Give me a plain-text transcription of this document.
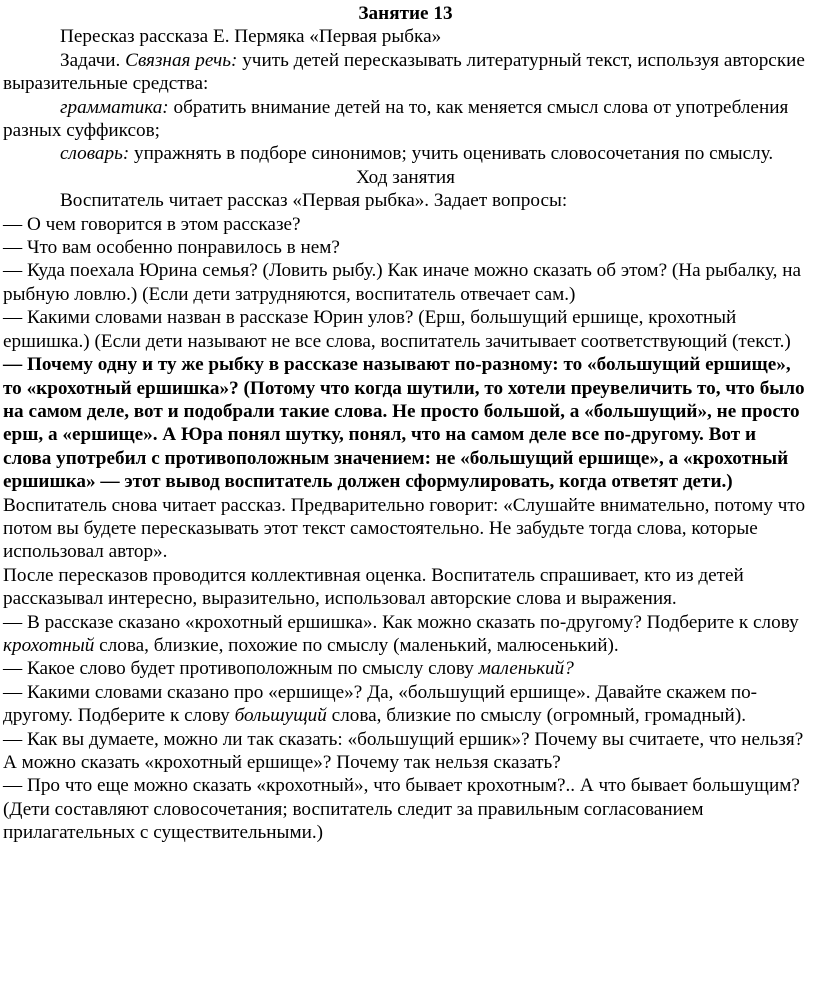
Занятие 13

Пересказ рассказа Е. Пермяка «Первая рыбка»

Задачи. Связная речь: учить детей пересказывать литературный текст, используя авторские выразительные средства:

грамматика: обратить внимание детей на то, как меняется смысл слова от употребления разных суффиксов;

словарь: упражнять в подборе синонимов; учить оценивать словосочетания по смыслу.

Ход занятия

Воспитатель читает рассказ «Первая рыбка». Задает вопросы:

— О чем говорится в этом рассказе?

— Что вам особенно понравилось в нем?

— Куда поехала Юрина семья? (Ловить рыбу.) Как иначе можно сказать об этом? (На рыбалку, на рыбную ловлю.) (Если дети затрудняются, воспитатель отвечает сам.)

— Какими словами назван в рассказе Юрин улов? (Ерш, большущий ершище, крохотный ершишка.) (Если дети называют не все слова, воспитатель зачитывает соответствующий (текст.)

— Почему одну и ту же рыбку в рассказе называют по-разному: то «большущий ершище», то «крохотный ершишка»? (Потому что когда шутили, то хотели преувеличить то, что было на самом деле, вот и подобрали такие слова. Не просто большой, а «большущий», не просто ерш, а «ершище». А Юра понял шутку, понял, что на самом деле все по-другому. Вот и слова употребил с противоположным значением: не «большущий ершище», а «крохотный ершишка» — этот вывод воспитатель должен сформулировать, когда ответят дети.)

Воспитатель снова читает рассказ. Предварительно говорит: «Слушайте внимательно, потому что потом вы будете пересказывать этот текст самостоятельно. Не забудьте тогда слова, которые использовал автор».

После пересказов проводится коллективная оценка. Воспитатель спрашивает, кто из детей рассказывал интересно, выразительно, использовал авторские слова и выражения.

— В рассказе сказано «крохотный ершишка». Как можно сказать по-другому? Подберите к слову крохотный слова, близкие, похожие по смыслу (маленький, малюсенький).

— Какое слово будет противоположным по смыслу слову маленький?

— Какими словами сказано про «ершище»? Да, «большущий ершище». Давайте скажем по-другому. Подберите к слову большущий слова, близкие по смыслу (огромный, громадный).

— Как вы думаете, можно ли так сказать: «большущий ершик»? Почему вы считаете, что нельзя? А можно сказать «крохотный ершище»? Почему так нельзя сказать?

— Про что еще можно сказать «крохотный», что бывает крохотным?.. А что бывает большущим? (Дети составляют словосочетания; воспитатель следит за правильным согласованием прилагательных с существительными.)
